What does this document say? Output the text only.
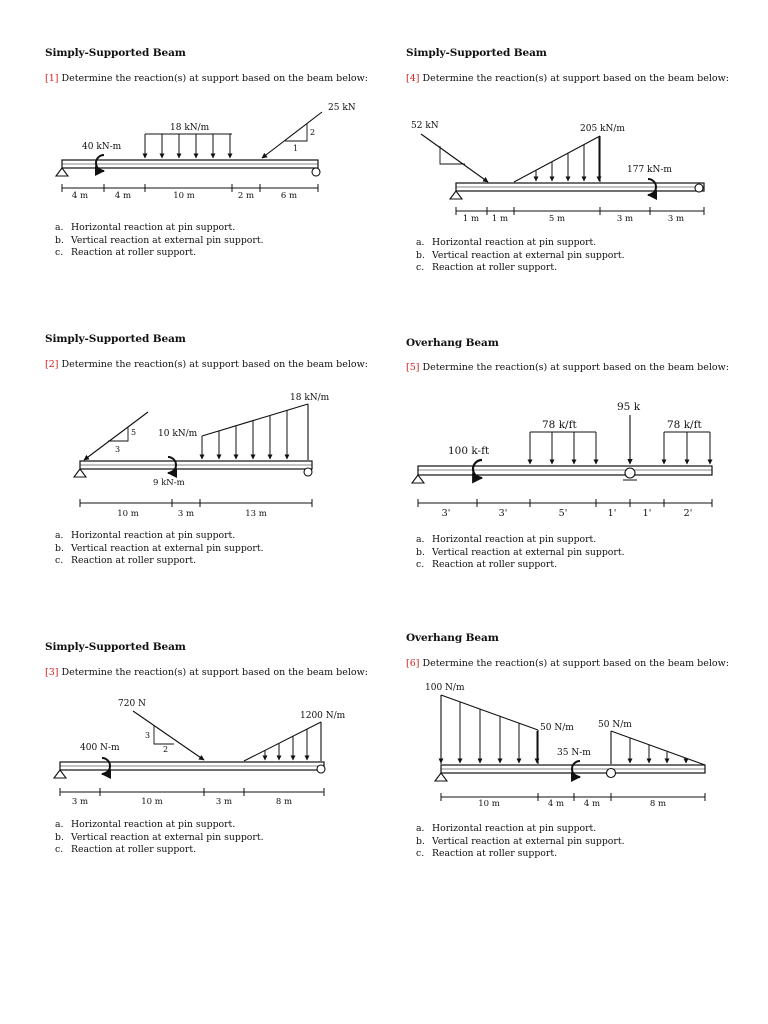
Simply-Supported Beam
[1] Determine the reaction(s) at support based on the beam below:
18 kN/m
40 kN-m
2
1
25 kN
4 m	4 m	10 m	2 m	6 m
a. Horizontal reaction at pin support.
b. Vertical reaction at external pin support.
c. Reaction at roller support.
Simply-Supported Beam
[2] Determine the reaction(s) at support based on the beam below:
10 kN/m
18 kN/m
5
3
9 kN-m
10 m	3 m	13 m
a. Horizontal reaction at pin support.
b. Vertical reaction at external pin support.
c. Reaction at roller support.
Simply-Supported Beam
[3] Determine the reaction(s) at support based on the beam below:
3
2
720 N
400 N-m
1200 N/m
3 m	10 m	3 m	8 m
a. Horizontal reaction at pin support.
b. Vertical reaction at external pin support.
c. Reaction at roller support.
Simply-Supported Beam
[4] Determine the reaction(s) at support based on the beam below:
52 kN	205 kN/m
177 kN-m
1 m 1 m	5 m	3 m	3 m
a. Horizontal reaction at pin support.
b. Vertical reaction at external pin support.
c. Reaction at roller support.
Overhang Beam
[5] Determine the reaction(s) at support based on the beam below:
100 k-ft
78 k/ft
95 k
78 k/ft
3'	3'	5'	1'	1'	2'
a. Horizontal reaction at pin support.
b. Vertical reaction at external pin support.
c. Reaction at roller support.
Overhang Beam
[6] Determine the reaction(s) at support based on the beam below:
100 N/m
50 N/m
35 N-m
50 N/m
10 m	4 m 4 m	8 m
a. Horizontal reaction at pin support.
b. Vertical reaction at external pin support.
c. Reaction at roller support.
